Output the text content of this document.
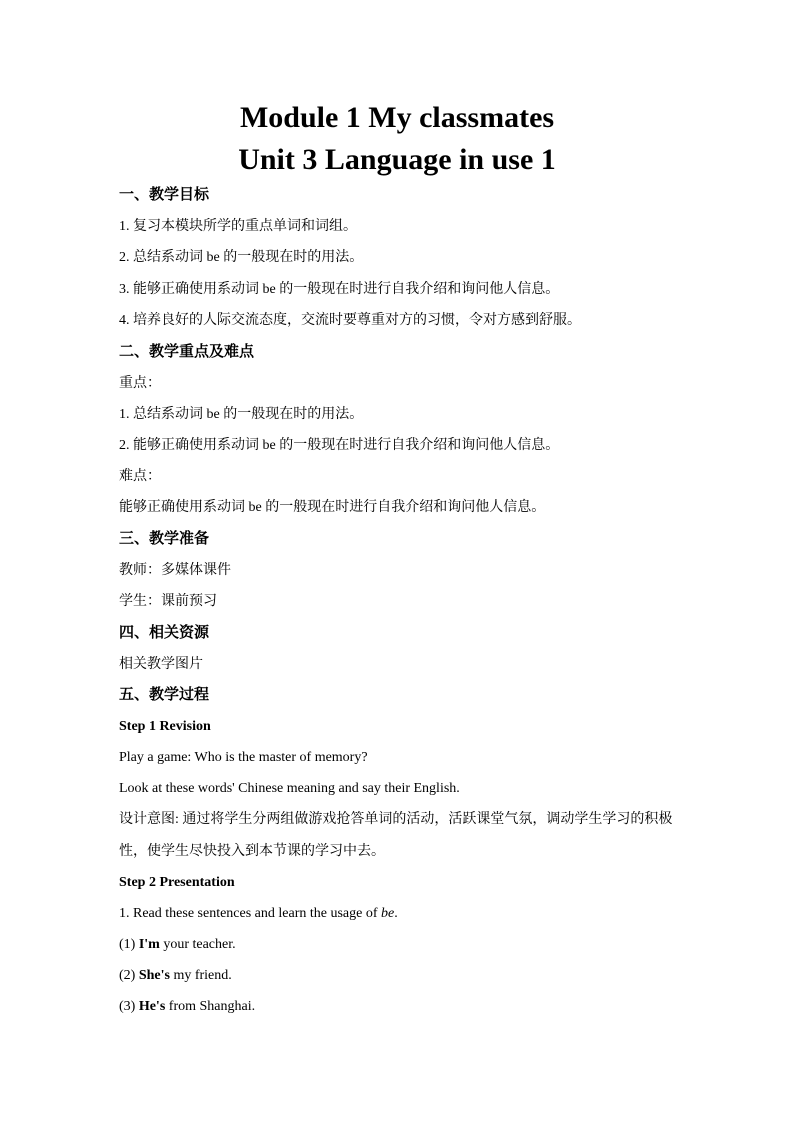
Module 1 My classmates
Unit 3 Language in use 1
一、教学目标
1. 复习本模块所学的重点单词和词组。
2. 总结系动词 be 的一般现在时的用法。
3. 能够正确使用系动词 be 的一般现在时进行自我介绍和询问他人信息。
4. 培养良好的人际交流态度，交流时要尊重对方的习惯，令对方感到舒服。
二、教学重点及难点
重点：
1. 总结系动词 be 的一般现在时的用法。
2. 能够正确使用系动词 be 的一般现在时进行自我介绍和询问他人信息。
难点：
能够正确使用系动词 be 的一般现在时进行自我介绍和询问他人信息。
三、教学准备
教师：多媒体课件
学生：课前预习
四、相关资源
相关教学图片
五、教学过程
Step 1 Revision
Play a game: Who is the master of memory?
Look at these words' Chinese meaning and say their English.
设计意图: 通过将学生分两组做游戏抢答单词的活动，活跃课堂气氛，调动学生学习的积极
性，使学生尽快投入到本节课的学习中去。
Step 2 Presentation
1. Read these sentences and learn the usage of be.
(1) I'm your teacher.
(2) She's my friend.
(3) He's from Shanghai.
